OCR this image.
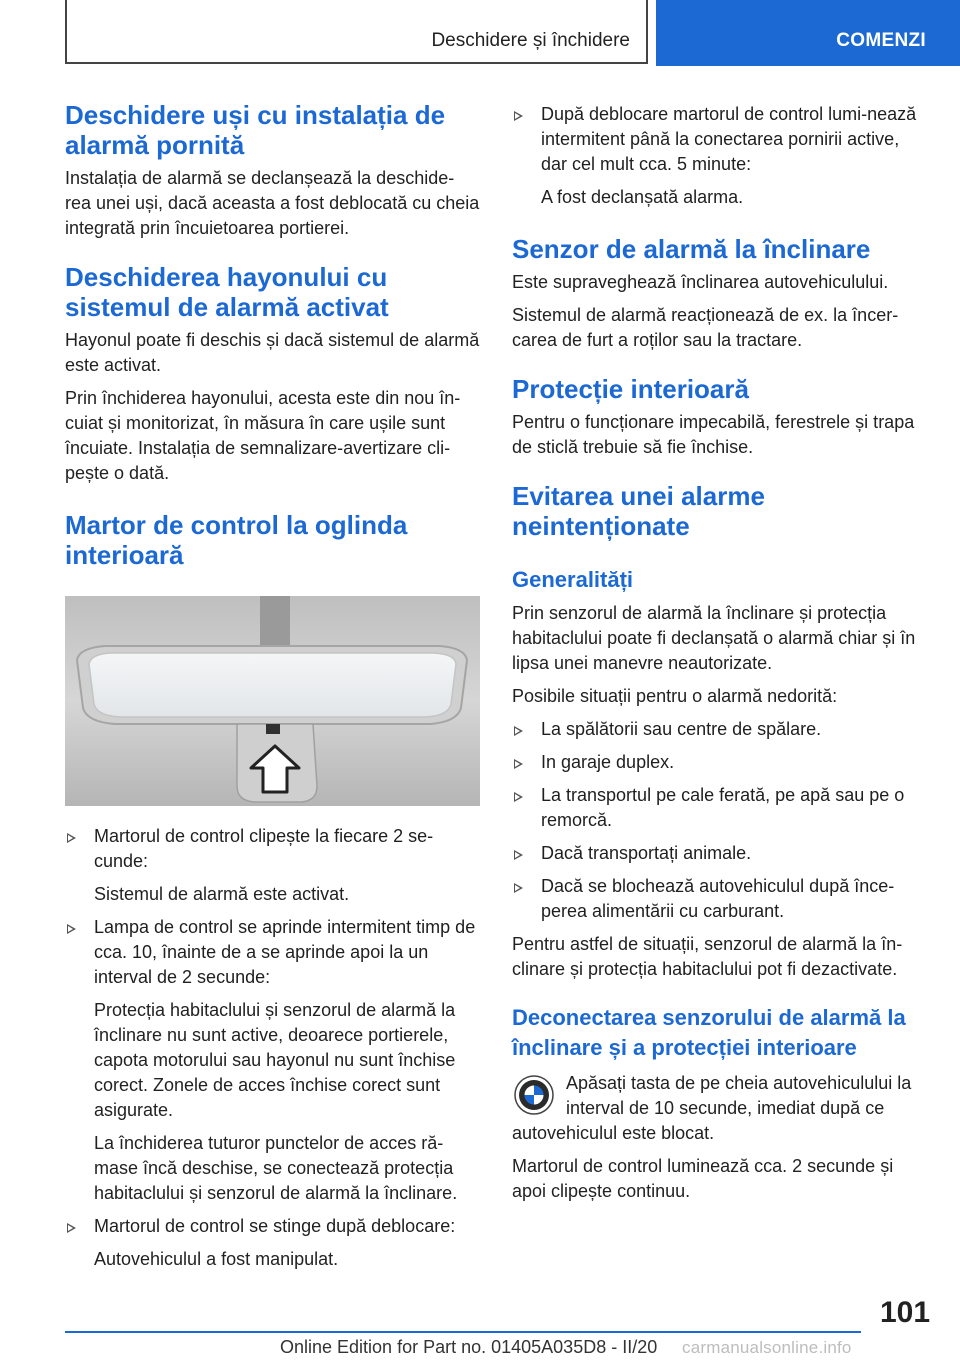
Deschidere și închidere	COMENZI
Deschidere uși cu instalația de alarmă pornită

Instalația de alarmă se declanșează la deschide-rea unei uși, dacă aceasta a fost deblocată cu cheia integrată prin încuietoarea portierei.

Deschiderea hayonului cu sistemul de alarmă activat

Hayonul poate fi deschis și dacă sistemul de alarmă este activat.

Prin închiderea hayonului, acesta este din nou în-cuiat și monitorizat, în măsura în care ușile sunt încuiate. Instalația de semnalizare-avertizare cli-pește o dată.

Martor de control la oglinda interioară
Martorul de control clipește la fiecare 2 se-cunde:

Sistemul de alarmă este activat.

Lampa de control se aprinde intermitent timp de cca. 10, înainte de a se aprinde apoi la un interval de 2 secunde:

Protecția habitaclului și senzorul de alarmă la înclinare nu sunt active, deoarece portierele, capota motorului sau hayonul nu sunt închise corect. Zonele de acces închise corect sunt asigurate.

La închiderea tuturor punctelor de acces ră-mase încă deschise, se conectează protecția habitaclului și senzorul de alarmă la înclinare.

Martorul de control se stinge după deblocare:

Autovehiculul a fost manipulat.

După deblocare martorul de control lumi-nează intermitent până la conectarea pornirii active, dar cel mult cca. 5 minute:

A fost declanșată alarma.

Senzor de alarmă la înclinare

Este supraveghează înclinarea autovehiculului.

Sistemul de alarmă reacționează de ex. la încer-carea de furt a roților sau la tractare.

Protecție interioară

Pentru o funcționare impecabilă, ferestrele și trapa de sticlă trebuie să fie închise.

Evitarea unei alarme neintenționate
Generalități

Prin senzorul de alarmă la înclinare și protecția habitaclului poate fi declanșată o alarmă chiar și în lipsa unei manevre neautorizate.

Posibile situații pentru o alarmă nedorită:

La spălătorii sau centre de spălare.
In garaje duplex.
La transportul pe cale ferată, pe apă sau pe o remorcă.
Dacă transportați animale.
Dacă se blochează autovehiculul după înce-perea alimentării cu carburant.

Pentru astfel de situații, senzorul de alarmă la în-clinare și protecția habitaclului pot fi dezactivate.

Deconectarea senzorului de alarmă la înclinare și a protecției interioare

Apăsați tasta de pe cheia autovehiculului la interval de 10 secunde, imediat după ce autovehiculul este blocat.

Martorul de control luminează cca. 2 secunde și apoi clipește continuu.

101
Online Edition for Part no. 01405A035D8 - II/20 carmanualsonline.info
